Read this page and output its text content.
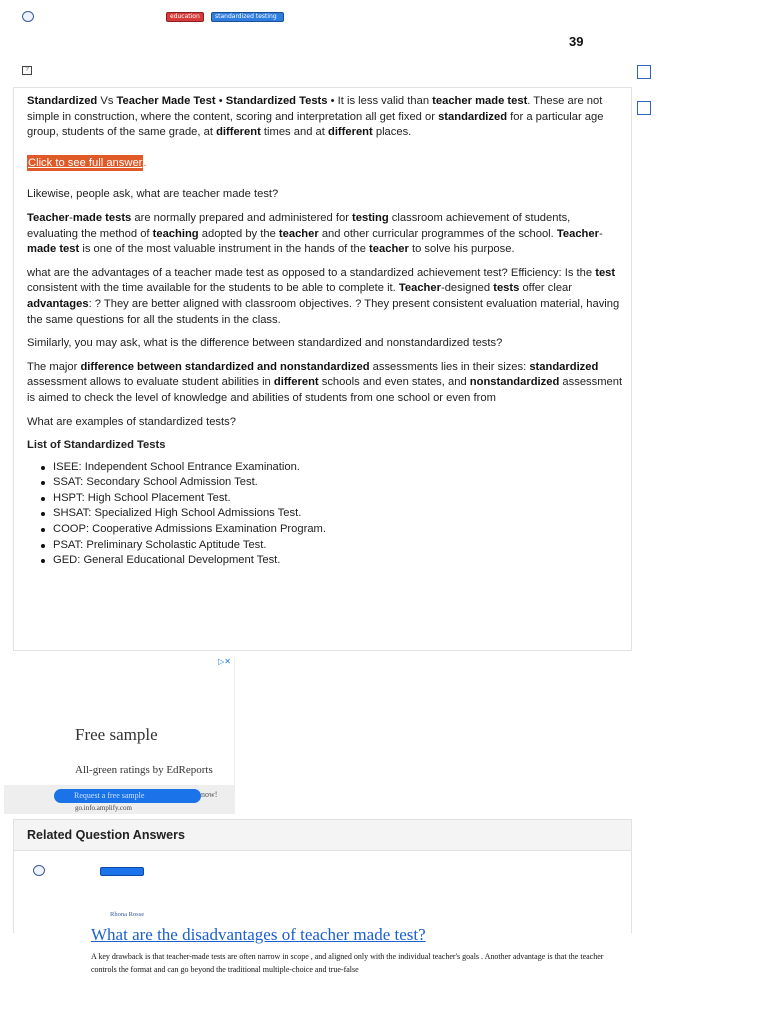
education	standardized testing
39
?

Standardized Vs Teacher Made Test • Standardized Tests • It is less valid than teacher made test. These are not simple in construction, where the content, scoring and interpretation all get fixed or standardized for a particular age group, students of the same grade, at different times and at different places.

Click to see full answer.

Likewise, people ask, what are teacher made test?

Teacher-made tests are normally prepared and administered for testing classroom achievement of students, evaluating the method of teaching adopted by the teacher and other curricular programmes of the school. Teacher-made test is one of the most valuable instrument in the hands of the teacher to solve his purpose.

what are the advantages of a teacher made test as opposed to a standardized achievement test? Efficiency: Is the test consistent with the time available for the students to be able to complete it. Teacher-designed tests offer clear advantages: ? They are better aligned with classroom objectives. ? They present consistent evaluation material, having the same questions for all the students in the class.

Similarly, you may ask, what is the difference between standardized and nonstandardized tests?

The major difference between standardized and nonstandardized assessments lies in their sizes: standardized assessment allows to evaluate student abilities in different schools and even states, and nonstandardized assessment is aimed to check the level of knowledge and abilities of students from one school or even from

What are examples of standardized tests?

List of Standardized Tests
ISEE: Independent School Entrance Examination.
SSAT: Secondary School Admission Test.
HSPT: High School Placement Test.
SHSAT: Specialized High School Admissions Test.
COOP: Cooperative Admissions Examination Program.
PSAT: Preliminary Scholastic Aptitude Test.
GED: General Educational Development Test.
▷✕
Free sample
All-green ratings by EdReports
Request a free sample	now!
go.info.amplify.com
Related Question Answers
Rhona Rosse
What are the disadvantages of teacher made test?
A key drawback is that teacher-made tests are often narrow in scope , and aligned only with the individual teacher's goals . Another advantage is that the teacher controls the format and can go beyond the traditional multiple-choice and true-false
